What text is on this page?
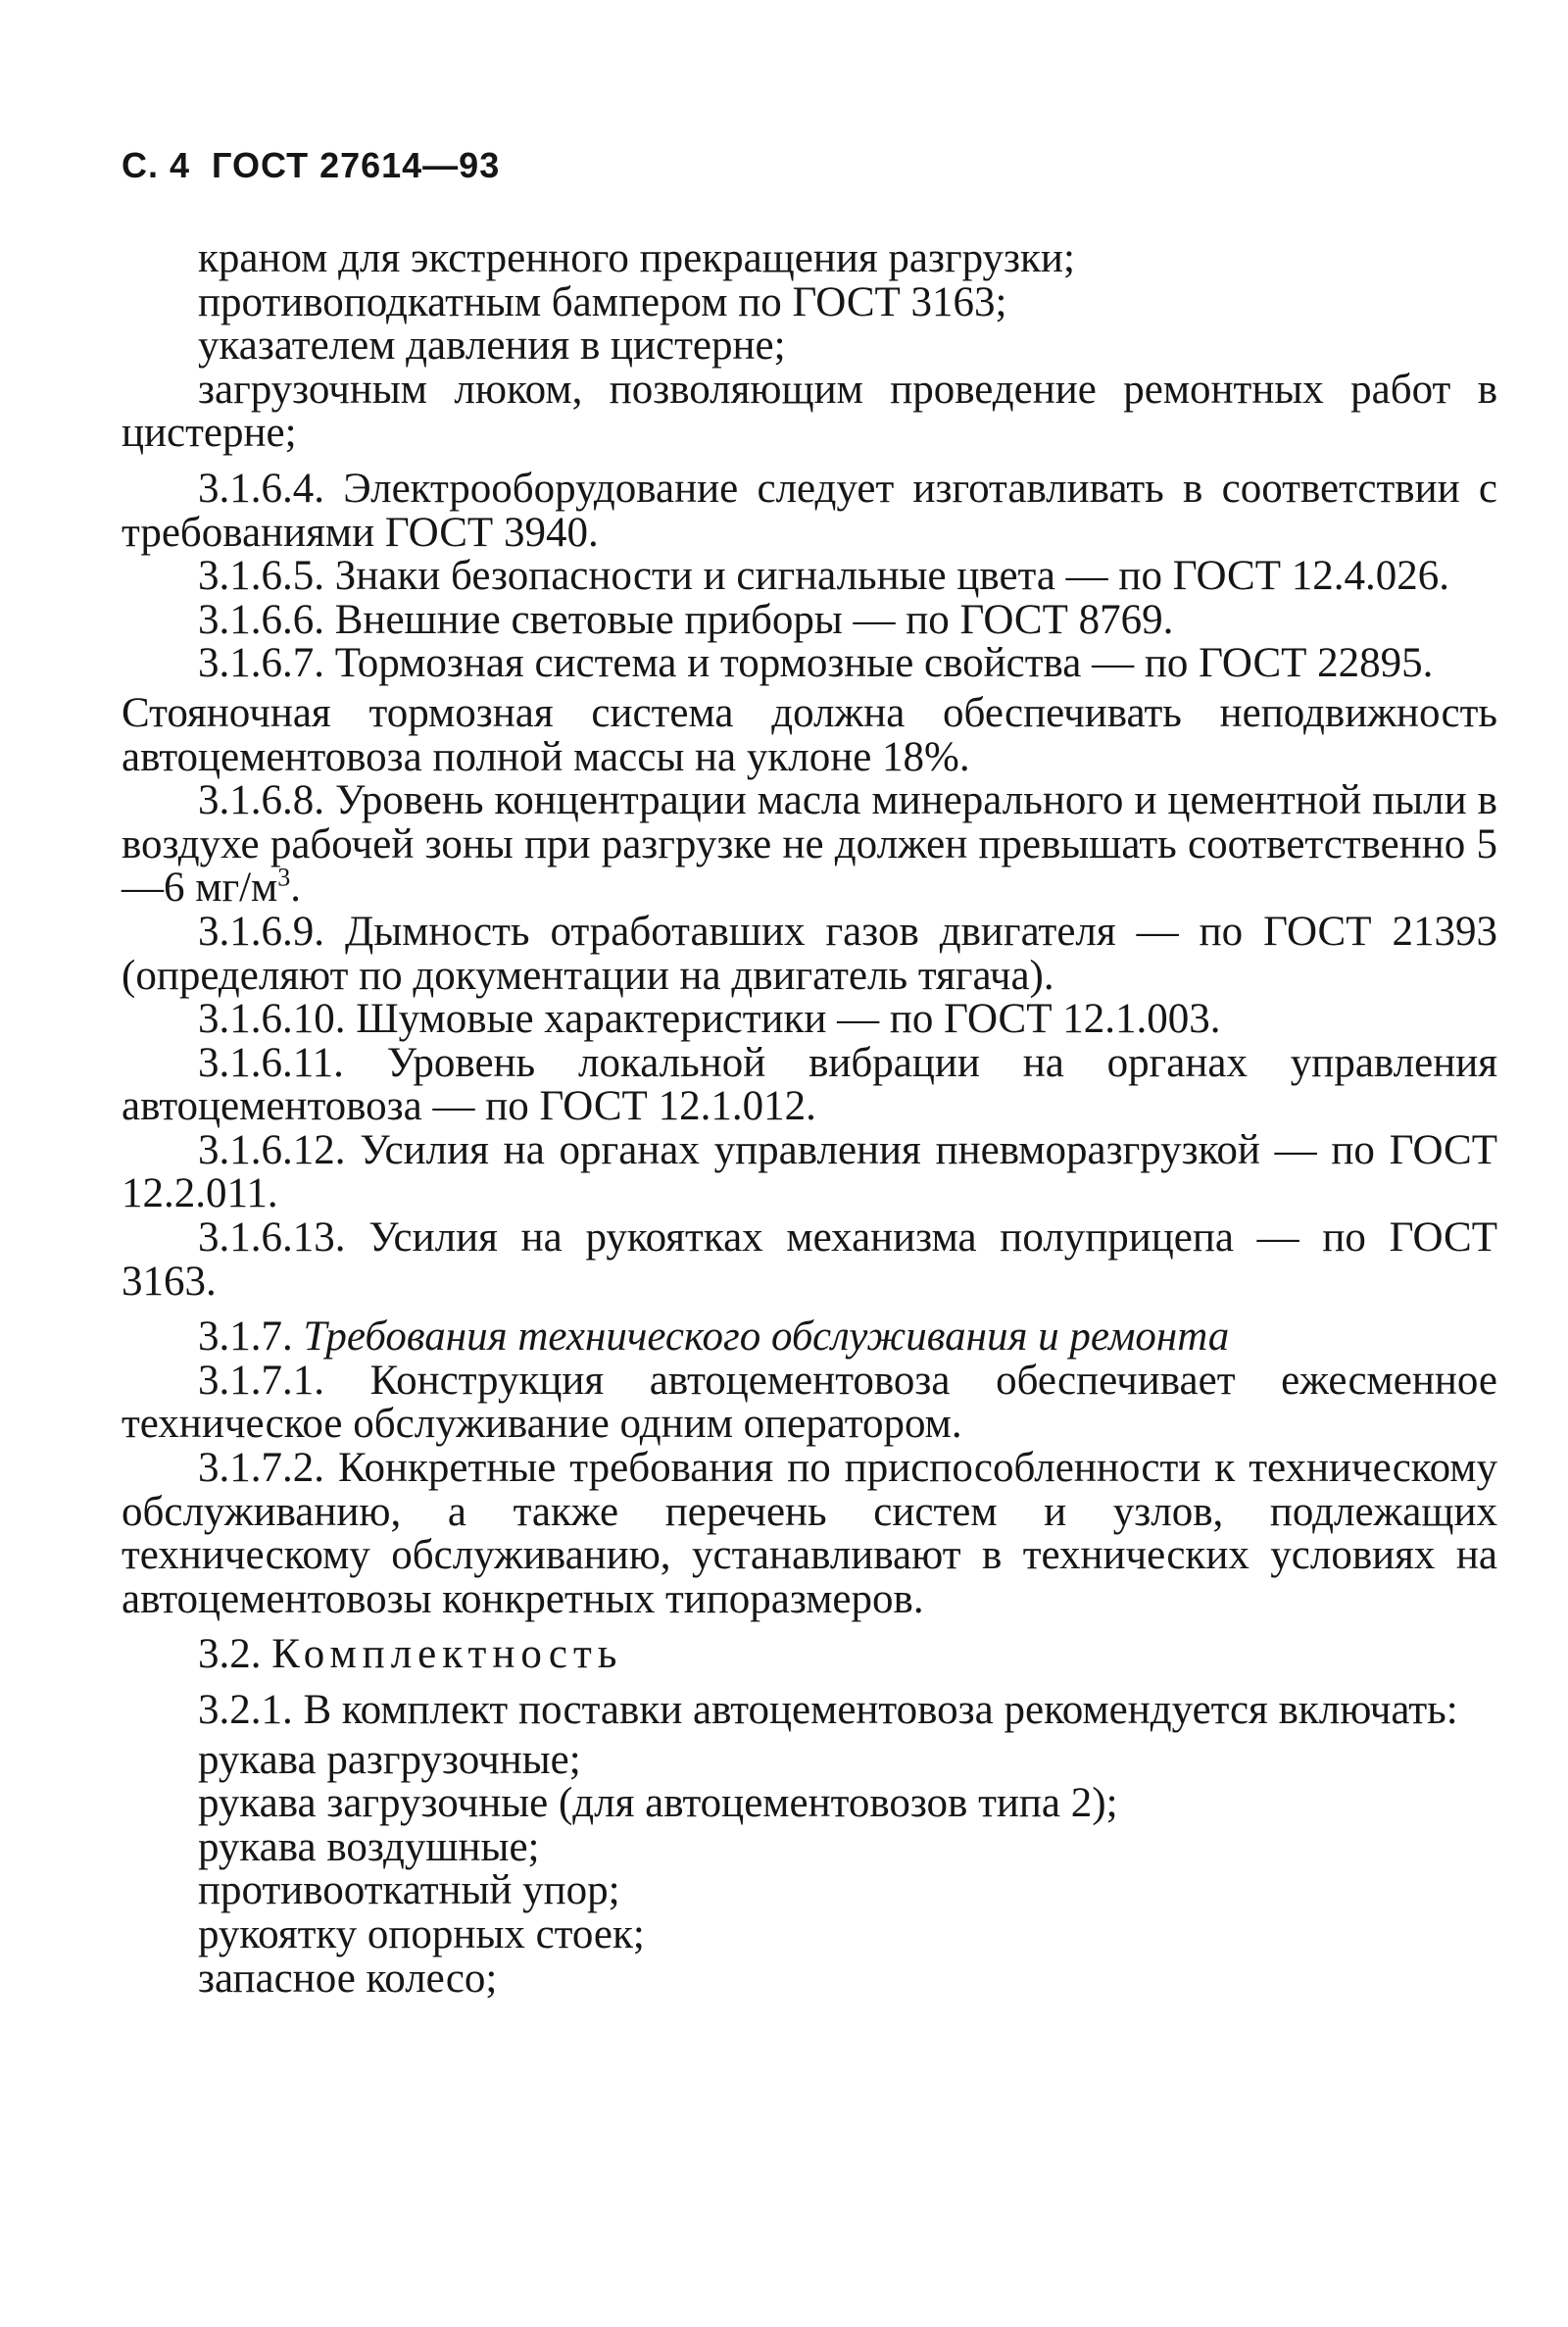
С. 4 ГОСТ 27614—93

краном для экстренного прекращения разгрузки;

противоподкатным бампером по ГОСТ 3163;

указателем давления в цистерне;

загрузочным люком, позволяющим проведение ремонтных работ в цистерне;

3.1.6.4. Электрооборудование следует изготавливать в соответствии с требованиями ГОСТ 3940.

3.1.6.5. Знаки безопасности и сигнальные цвета — по ГОСТ 12.4.026.

3.1.6.6. Внешние световые приборы — по ГОСТ 8769.

3.1.6.7. Тормозная система и тормозные свойства — по ГОСТ 22895.

Стояночная тормозная система должна обеспечивать неподвижность автоцементовоза полной массы на уклоне 18%.

3.1.6.8. Уровень концентрации масла минерального и цементной пыли в воздухе рабочей зоны при разгрузке не должен превышать соответственно 5—6 $мг/м^3$.

3.1.6.9. Дымность отработавших газов двигателя — по ГОСТ 21393 (определяют по документации на двигатель тягача).

3.1.6.10. Шумовые характеристики — по ГОСТ 12.1.003.

3.1.6.11. Уровень локальной вибрации на органах управления автоцементовоза — по ГОСТ 12.1.012.

3.1.6.12. Усилия на органах управления пневморазгрузкой — по ГОСТ 12.2.011.

3.1.6.13. Усилия на рукоятках механизма полуприцепа — по ГОСТ 3163.

3.1.7. Требования технического обслуживания и ремонта

3.1.7.1. Конструкция автоцементовоза обеспечивает ежесменное техническое обслуживание одним оператором.

3.1.7.2. Конкретные требования по приспособленности к техническому обслуживанию, а также перечень систем и узлов, подлежащих техническому обслуживанию, устанавливают в технических условиях на автоцементовозы конкретных типоразмеров.

3.2. Комплектность

3.2.1. В комплект поставки автоцементовоза рекомендуется включать:

рукава разгрузочные;

рукава загрузочные (для автоцементовозов типа 2);

рукава воздушные;

противооткатный упор;

рукоятку опорных стоек;

запасное колесо;
